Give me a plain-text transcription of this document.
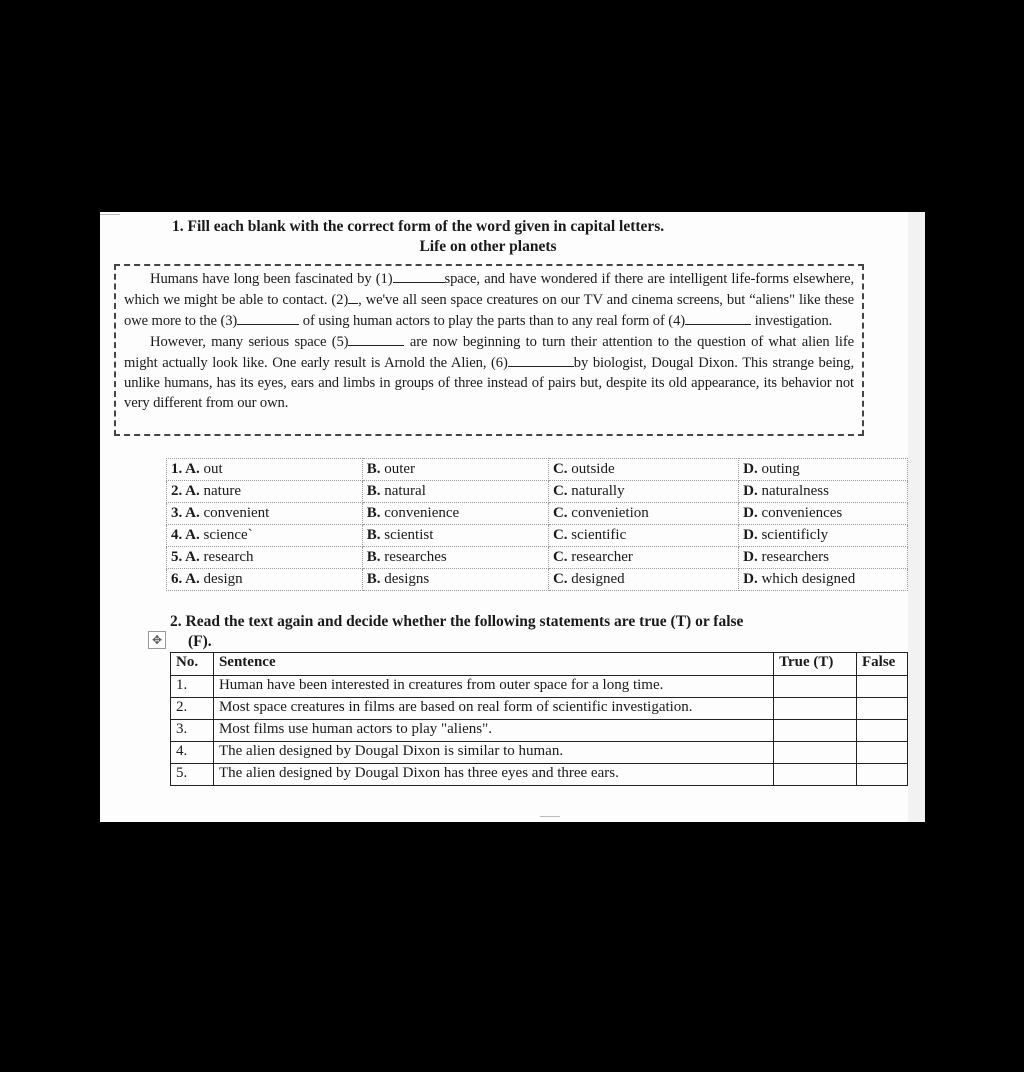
1. Fill each blank with the correct form of the word given in capital letters.
Life on other planets

Humans have long been fascinated by (1)	space, and have wondered if there are intelligent life-forms elsewhere, which we might be able to contact. (2) , we've all seen space creatures on our TV and cinema screens, but “aliens" like these owe more to the (3)	of using human actors to play the parts than to any real form of (4)	investigation.

However, many serious space (5)	are now beginning to turn their attention to the question of what alien life might actually look like. One early result is Arnold the Alien, (6)	by biologist, Dougal Dixon. This strange being, unlike humans, has its eyes, ears and limbs in groups of three instead of pairs but, despite its old appearance, its behavior not very different from our own.

1. A. out	B. outer	C. outside	D. outing
2. A. nature	B. natural	C. naturally	D. naturalness
3. A. convenient	B. convenience	C. convenietion	D. conveniences
4. A. science`	B. scientist	C. scientific	D. scientificly
5. A. research	B. researches	C. researcher	D. researchers
6. A. design	B. designs	C. designed	D. which designed
2. Read the text again and decide whether the following statements are true (T) or false
(F).
✥
No.	Sentence	True (T)	False
1.	Human have been interested in creatures from outer space for a long time.		
2.	Most space creatures in films are based on real form of scientific investigation.		
3.	Most films use human actors to play "aliens".		
4.	The alien designed by Dougal Dixon is similar to human.		
5.	The alien designed by Dougal Dixon has three eyes and three ears.		
